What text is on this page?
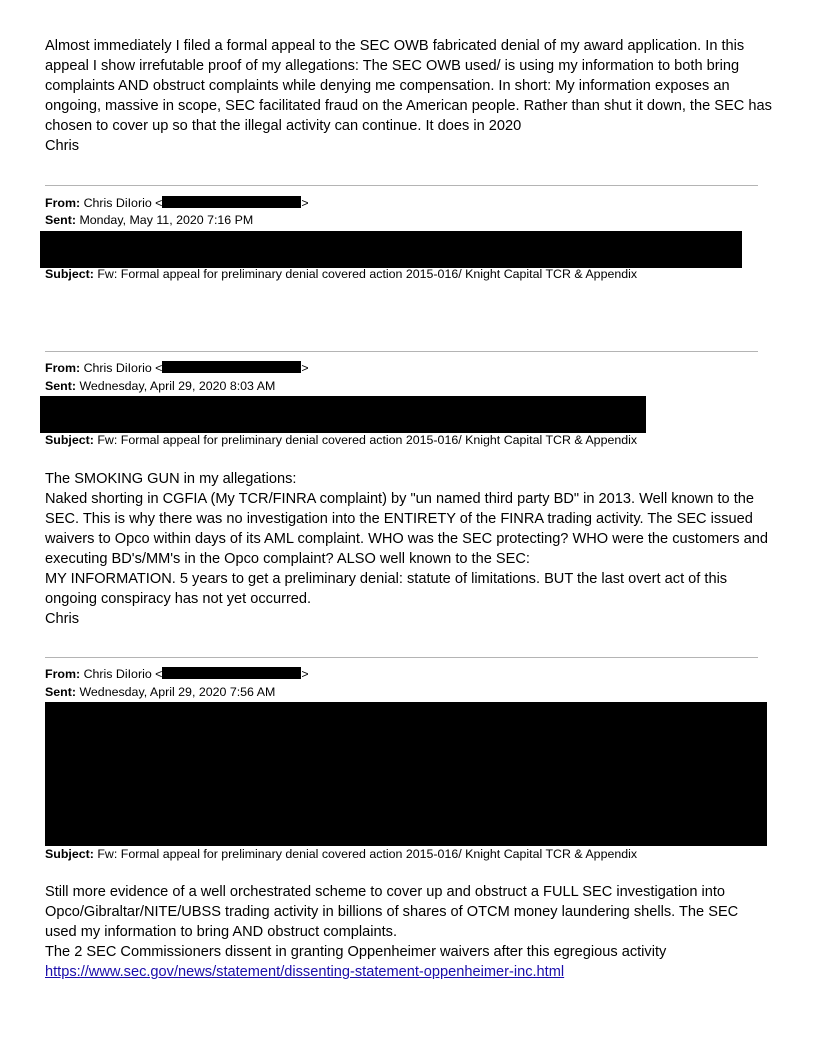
Almost immediately I filed a formal appeal to the SEC OWB fabricated denial of my award application. In this appeal I show irrefutable proof of my allegations: The SEC OWB used/ is using my information to both bring complaints AND obstruct complaints while denying me compensation. In short: My information exposes an ongoing, massive in scope, SEC facilitated fraud on the American people. Rather than shut it down, the SEC has chosen to cover up so that the illegal activity can continue. It does in 2020

Chris
From: Chris DiIorio <	>
Sent: Monday, May 11, 2020 7:16 PM
Subject: Fw: Formal appeal for preliminary denial covered action 2015-016/ Knight Capital TCR & Appendix
From: Chris DiIorio <	>
Sent: Wednesday, April 29, 2020 8:03 AM
Subject: Fw: Formal appeal for preliminary denial covered action 2015-016/ Knight Capital TCR & Appendix
The SMOKING GUN in my allegations:

Naked shorting in CGFIA (My TCR/FINRA complaint) by "un named third party BD" in 2013. Well known to the SEC. This is why there was no investigation into the ENTIRETY of the FINRA trading activity. The SEC issued waivers to Opco within days of its AML complaint. WHO was the SEC protecting? WHO were the customers and executing BD's/MM's in the Opco complaint? ALSO well known to the SEC:

MY INFORMATION. 5 years to get a preliminary denial: statute of limitations. BUT the last overt act of this ongoing conspiracy has not yet occurred.

Chris
From: Chris DiIorio <	>
Sent: Wednesday, April 29, 2020 7:56 AM
Subject: Fw: Formal appeal for preliminary denial covered action 2015-016/ Knight Capital TCR & Appendix

Still more evidence of a well orchestrated scheme to cover up and obstruct a FULL SEC investigation into Opco/Gibraltar/NITE/UBSS trading activity in billions of shares of OTCM money laundering shells. The SEC used my information to bring AND obstruct complaints.

The 2 SEC Commissioners dissent in granting Oppenheimer waivers after this egregious activity
https://www.sec.gov/news/statement/dissenting-statement-oppenheimer-inc.html
